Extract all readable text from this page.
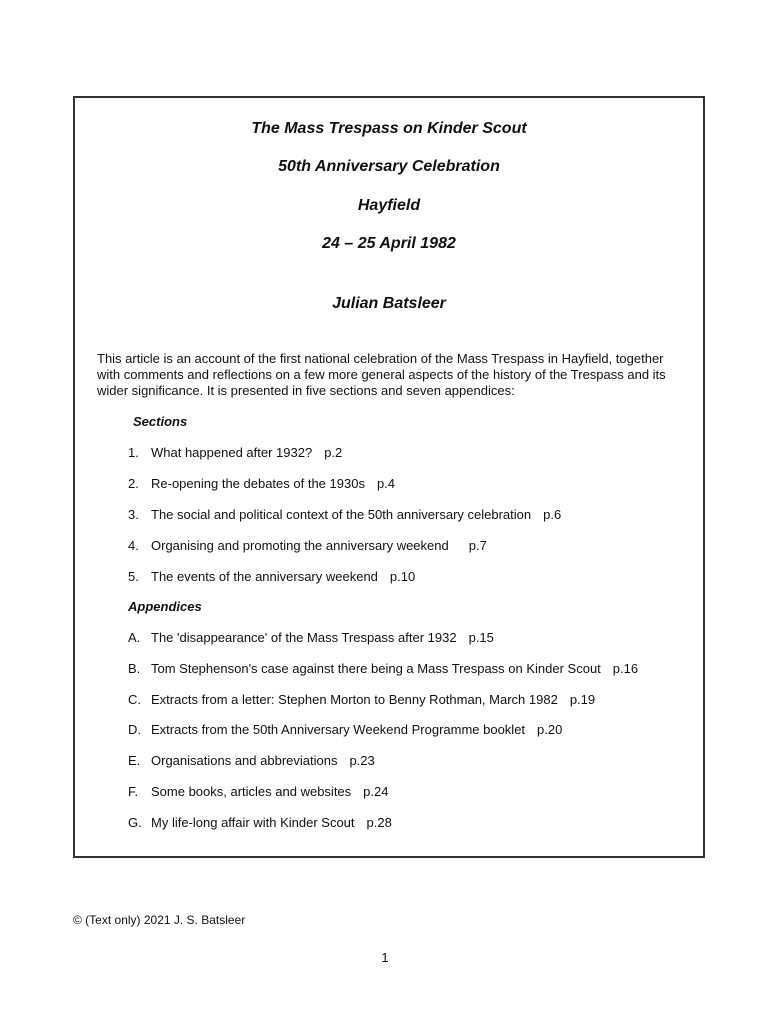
The Mass Trespass on Kinder Scout
50th Anniversary Celebration
Hayfield
24 – 25 April 1982
Julian Batsleer
This article is an account of the first national celebration of the Mass Trespass in Hayfield, together with comments and reflections on a few more general aspects of the history of the Trespass and its wider significance. It is presented in five sections and seven appendices:
Sections
1. What happened after 1932? p.2
2. Re-opening the debates of the 1930s p.4
3. The social and political context of the 50th anniversary celebration p.6
4. Organising and promoting the anniversary weekend p.7
5. The events of the anniversary weekend p.10
Appendices
A. The 'disappearance' of the Mass Trespass after 1932 p.15
B. Tom Stephenson's case against there being a Mass Trespass on Kinder Scout p.16
C. Extracts from a letter: Stephen Morton to Benny Rothman, March 1982 p.19
D. Extracts from the 50th Anniversary Weekend Programme booklet p.20
E. Organisations and abbreviations p.23
F. Some books, articles and websites p.24
G. My life-long affair with Kinder Scout p.28
© (Text only) 2021 J. S. Batsleer
1
